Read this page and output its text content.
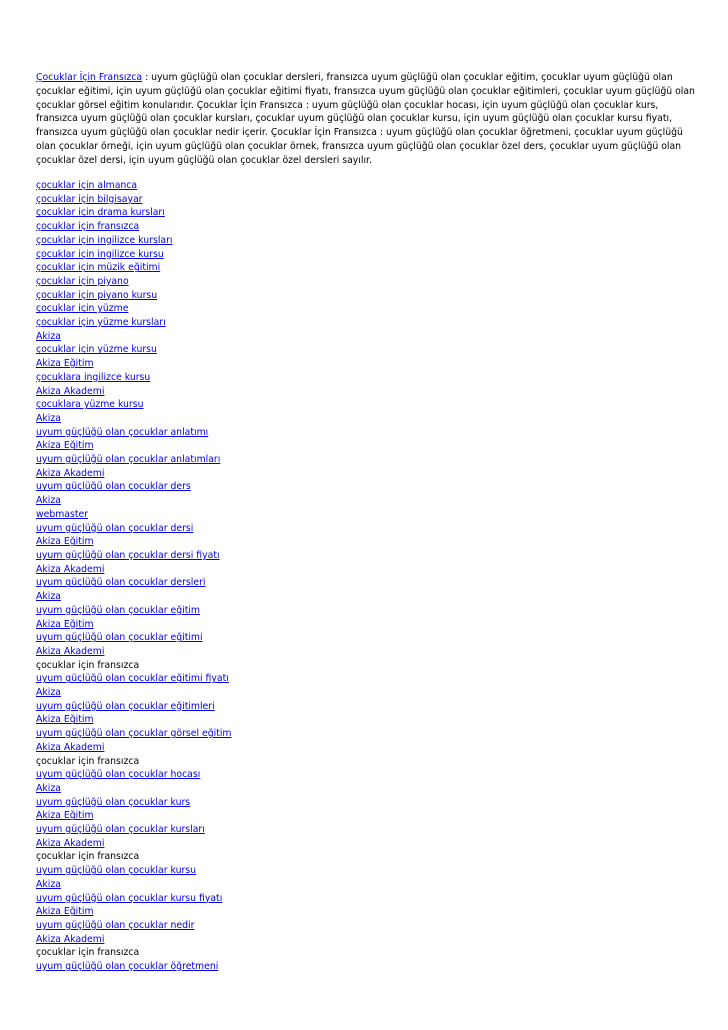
Çocuklar İçin Fransızca : uyum güçlüğü olan çocuklar dersleri, fransızca uyum güçlüğü olan çocuklar eğitim, çocuklar uyum güçlüğü olan çocuklar eğitimi, için uyum güçlüğü olan çocuklar eğitimi fiyatı, fransızca uyum güçlüğü olan çocuklar eğitimleri, çocuklar uyum güçlüğü olan çocuklar görsel eğitim konularıdır. Çocuklar İçin Fransızca : uyum güçlüğü olan çocuklar hocası, için uyum güçlüğü olan çocuklar kurs, fransızca uyum güçlüğü olan çocuklar kursları, çocuklar uyum güçlüğü olan çocuklar kursu, için uyum güçlüğü olan çocuklar kursu fiyatı, fransızca uyum güçlüğü olan çocuklar nedir içerir. Çocuklar İçin Fransızca : uyum güçlüğü olan çocuklar öğretmeni, çocuklar uyum güçlüğü olan çocuklar örneği, için uyum güçlüğü olan çocuklar örnek, fransızca uyum güçlüğü olan çocuklar özel ders, çocuklar uyum güçlüğü olan çocuklar özel dersi, için uyum güçlüğü olan çocuklar özel dersleri sayılır.

çocuklar için almanca
çocuklar için bilgisayar
çocuklar için drama kursları
çocuklar için fransızca
çocuklar için ingilizce kursları
çocuklar için ingilizce kursu
çocuklar için müzik eğitimi
çocuklar için piyano
çocuklar için piyano kursu
çocuklar için yüzme
çocuklar için yüzme kursları
Akiza
çocuklar için yüzme kursu
Akiza Eğitim
çocuklara ingilizce kursu
Akiza Akademi
çocuklara yüzme kursu
Akiza
uyum güçlüğü olan çocuklar anlatımı
Akiza Eğitim
uyum güçlüğü olan çocuklar anlatımları
Akiza Akademi
uyum güçlüğü olan çocuklar ders
Akiza
webmaster
uyum güçlüğü olan çocuklar dersi
Akiza Eğitim
uyum güçlüğü olan çocuklar dersi fiyatı
Akiza Akademi
uyum güçlüğü olan çocuklar dersleri
Akiza
uyum güçlüğü olan çocuklar eğitim
Akiza Eğitim
uyum güçlüğü olan çocuklar eğitimi
Akiza Akademi
çocuklar için fransızca
uyum güçlüğü olan çocuklar eğitimi fiyatı
Akiza
uyum güçlüğü olan çocuklar eğitimleri
Akiza Eğitim
uyum güçlüğü olan çocuklar görsel eğitim
Akiza Akademi
çocuklar için fransızca
uyum güçlüğü olan çocuklar hocası
Akiza
uyum güçlüğü olan çocuklar kurs
Akiza Eğitim
uyum güçlüğü olan çocuklar kursları
Akiza Akademi
çocuklar için fransızca
uyum güçlüğü olan çocuklar kursu
Akiza
uyum güçlüğü olan çocuklar kursu fiyatı
Akiza Eğitim
uyum güçlüğü olan çocuklar nedir
Akiza Akademi
çocuklar için fransızca
uyum güçlüğü olan çocuklar öğretmeni
